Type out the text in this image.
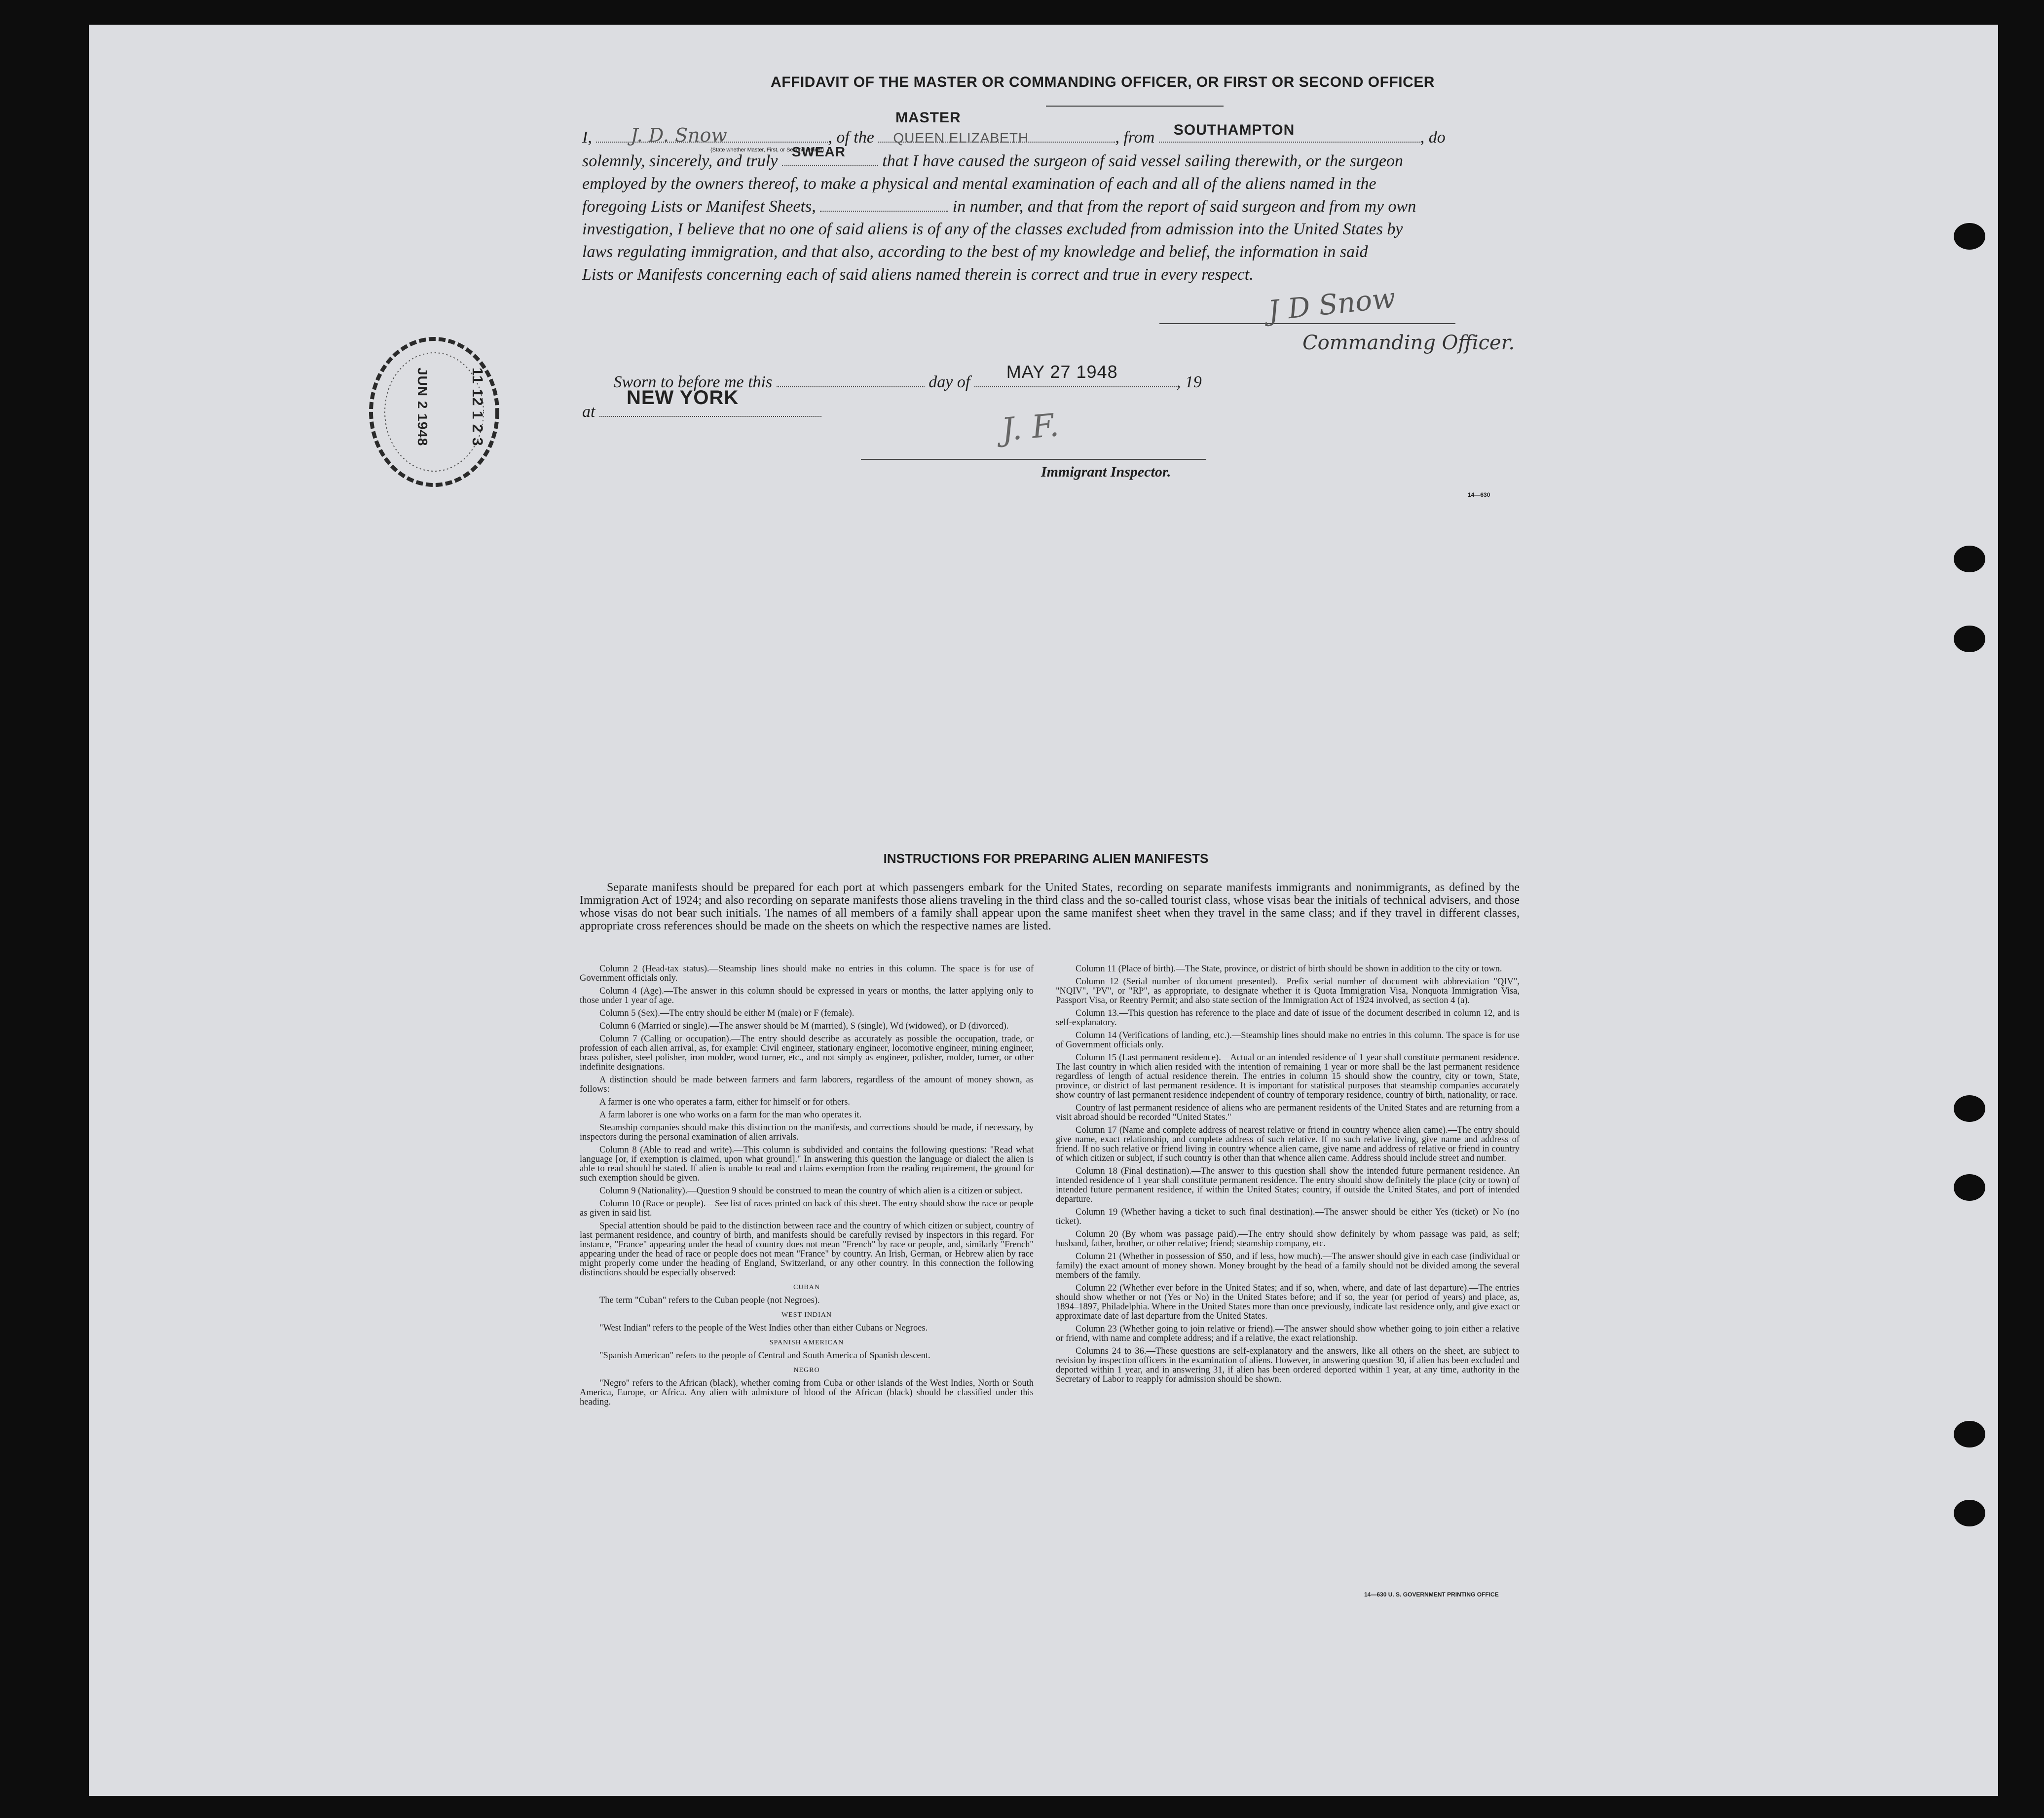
AFFIDAVIT OF THE MASTER OR COMMANDING OFFICER, OR FIRST OR SECOND OFFICER
MASTER
I, J. D. Snow	, of the QUEEN ELIZABETH	, from SOUTHAMPTON	, do
(State whether Master, First, or Second Officer)
solemnly, sincerely, and truly
SWEAR
that I have caused the surgeon of said vessel sailing therewith, or the surgeon
employed by the owners thereof, to make a physical and mental examination of each and all of the aliens named in the
foregoing Lists or Manifest Sheets,	in number, and that from the report of said surgeon and from my own
investigation, I believe that no one of said aliens is of any of the classes excluded from admission into the United States by
laws regulating immigration, and that also, according to the best of my knowledge and belief, the information in said
Lists or Manifests concerning each of said aliens named therein is correct and true in every respect.
J D Snow
Commanding Officer.
11 12 1 2 3
JUN 2 1948	Sworn to before me this	day of
MAY 27 1948
, 19
at
NEW YORK
J. F.
Immigrant Inspector.
14—630
INSTRUCTIONS FOR PREPARING ALIEN MANIFESTS
Separate manifests should be prepared for each port at which passengers embark for the United States, recording on separate manifests immigrants and nonimmigrants, as defined by the Immigration Act of 1924; and also recording on separate manifests those aliens traveling in the third class and the so-called tourist class, whose visas bear the initials of technical advisers, and those whose visas do not bear such initials. The names of all members of a family shall appear upon the same manifest sheet when they travel in the same class; and if they travel in different classes, appropriate cross references should be made on the sheets on which the respective names are listed.

Column 2 (Head-tax status).—Steamship lines should make no entries in this column. The space is for use of Government officials only.

Column 4 (Age).—The answer in this column should be expressed in years or months, the latter applying only to those under 1 year of age.

Column 5 (Sex).—The entry should be either M (male) or F (female).

Column 6 (Married or single).—The answer should be M (married), S (single), Wd (widowed), or D (divorced).

Column 7 (Calling or occupation).—The entry should describe as accurately as possible the occupation, trade, or profession of each alien arrival, as, for example: Civil engineer, stationary engineer, locomotive engineer, mining engineer, brass polisher, steel polisher, iron molder, wood turner, etc., and not simply as engineer, polisher, molder, turner, or other indefinite designations.

A distinction should be made between farmers and farm laborers, regardless of the amount of money shown, as follows:

A farmer is one who operates a farm, either for himself or for others.

A farm laborer is one who works on a farm for the man who operates it.

Steamship companies should make this distinction on the manifests, and corrections should be made, if necessary, by inspectors during the personal examination of alien arrivals.

Column 8 (Able to read and write).—This column is subdivided and contains the following questions: "Read what language [or, if exemption is claimed, upon what ground]." In answering this question the language or dialect the alien is able to read should be stated. If alien is unable to read and claims exemption from the reading requirement, the ground for such exemption should be given.

Column 9 (Nationality).—Question 9 should be construed to mean the country of which alien is a citizen or subject.

Column 10 (Race or people).—See list of races printed on back of this sheet. The entry should show the race or people as given in said list.

Special attention should be paid to the distinction between race and the country of which citizen or subject, country of last permanent residence, and country of birth, and manifests should be carefully revised by inspectors in this regard. For instance, "France" appearing under the head of country does not mean "French" by race or people, and, similarly "French" appearing under the head of race or people does not mean "France" by country. An Irish, German, or Hebrew alien by race might properly come under the heading of England, Switzerland, or any other country. In this connection the following distinctions should be especially observed:

CUBAN

The term "Cuban" refers to the Cuban people (not Negroes).

WEST INDIAN

"West Indian" refers to the people of the West Indies other than either Cubans or Negroes.

SPANISH AMERICAN

"Spanish American" refers to the people of Central and South America of Spanish descent.

NEGRO

"Negro" refers to the African (black), whether coming from Cuba or other islands of the West Indies, North or South America, Europe, or Africa. Any alien with admixture of blood of the African (black) should be classified under this heading.

Column 11 (Place of birth).—The State, province, or district of birth should be shown in addition to the city or town.

Column 12 (Serial number of document presented).—Prefix serial number of document with abbreviation "QIV", "NQIV", "PV", or "RP", as appropriate, to designate whether it is Quota Immigration Visa, Nonquota Immigration Visa, Passport Visa, or Reentry Permit; and also state section of the Immigration Act of 1924 involved, as section 4 (a).

Column 13.—This question has reference to the place and date of issue of the document described in column 12, and is self-explanatory.

Column 14 (Verifications of landing, etc.).—Steamship lines should make no entries in this column. The space is for use of Government officials only.

Column 15 (Last permanent residence).—Actual or an intended residence of 1 year shall constitute permanent residence. The last country in which alien resided with the intention of remaining 1 year or more shall be the last permanent residence regardless of length of actual residence therein. The entries in column 15 should show the country, city or town, State, province, or district of last permanent residence. It is important for statistical purposes that steamship companies accurately show country of last permanent residence independent of country of temporary residence, country of birth, nationality, or race.

Country of last permanent residence of aliens who are permanent residents of the United States and are returning from a visit abroad should be recorded "United States."

Column 17 (Name and complete address of nearest relative or friend in country whence alien came).—The entry should give name, exact relationship, and complete address of such relative. If no such relative living, give name and address of friend. If no such relative or friend living in country whence alien came, give name and address of relative or friend in country of which citizen or subject, if such country is other than that whence alien came. Address should include street and number.

Column 18 (Final destination).—The answer to this question shall show the intended future permanent residence. An intended residence of 1 year shall constitute permanent residence. The entry should show definitely the place (city or town) of intended future permanent residence, if within the United States; country, if outside the United States, and port of intended departure.

Column 19 (Whether having a ticket to such final destination).—The answer should be either Yes (ticket) or No (no ticket).

Column 20 (By whom was passage paid).—The entry should show definitely by whom passage was paid, as self; husband, father, brother, or other relative; friend; steamship company, etc.

Column 21 (Whether in possession of $50, and if less, how much).—The answer should give in each case (individual or family) the exact amount of money shown. Money brought by the head of a family should not be divided among the several members of the family.

Column 22 (Whether ever before in the United States; and if so, when, where, and date of last departure).—The entries should show whether or not (Yes or No) in the United States before; and if so, the year (or period of years) and place, as, 1894–1897, Philadelphia. Where in the United States more than once previously, indicate last residence only, and give exact or approximate date of last departure from the United States.

Column 23 (Whether going to join relative or friend).—The answer should show whether going to join either a relative or friend, with name and complete address; and if a relative, the exact relationship.

Columns 24 to 36.—These questions are self-explanatory and the answers, like all others on the sheet, are subject to revision by inspection officers in the examination of aliens. However, in answering question 30, if alien has been excluded and deported within 1 year, and in answering 31, if alien has been ordered deported within 1 year, at any time, authority in the Secretary of Labor to reapply for admission should be shown.

14—630 U. S. GOVERNMENT PRINTING OFFICE
